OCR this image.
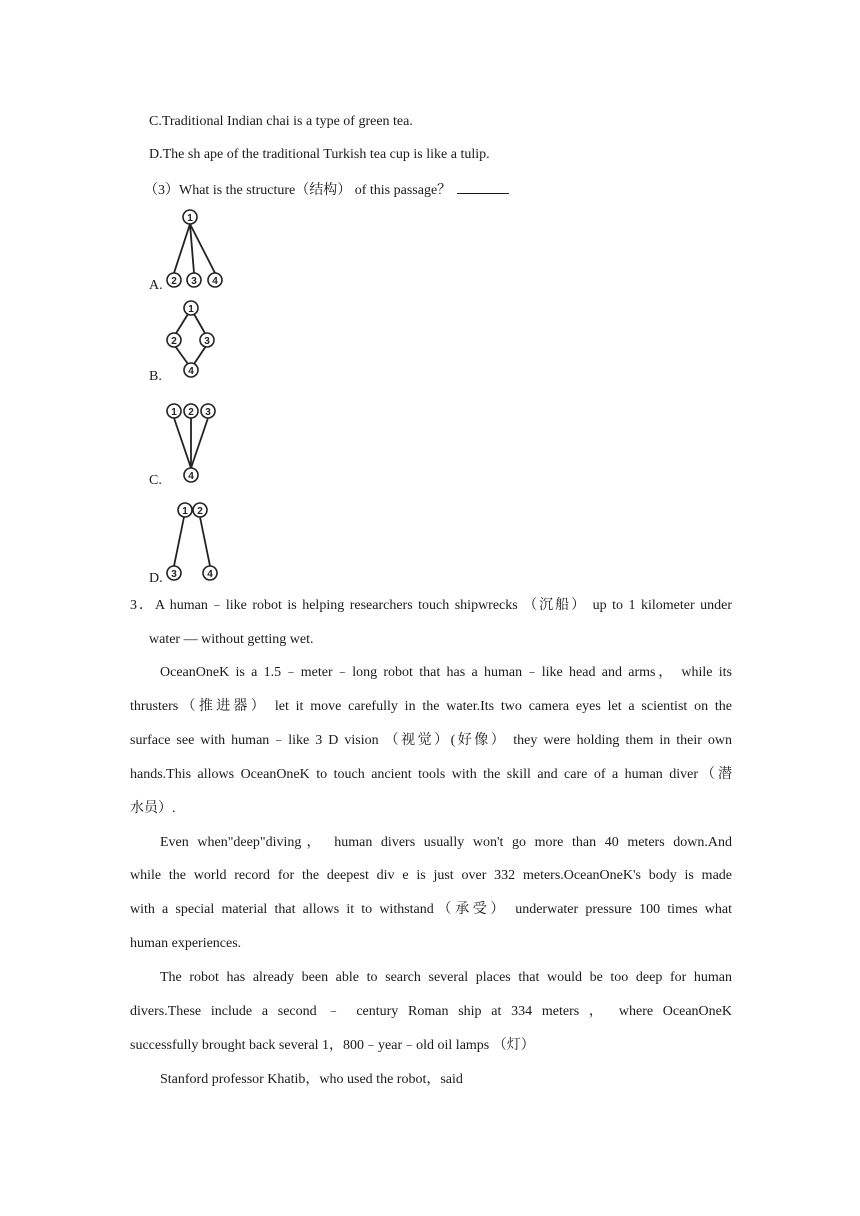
C.Traditional Indian chai is a type of green tea.
D.The sh ape of the traditional Turkish tea cup is like a tulip.
（3）What is the structure（结构） of this passage？
A.
1
2 3 4
B.
1
2	3
4
C.
1 2 3
4
D.
1 2
3	4
3．A human﹣like robot is helping researchers touch shipwrecks （沉船） up to 1 kilometer under
water — without getting wet.
OceanOneK is a 1.5﹣meter﹣long robot that has a human﹣like head and arms， while its
thrusters（推进器） let it move carefully in the water.Its two camera eyes let a scientist on the
surface see with human﹣like 3 D vision （视觉）(好像） they were holding them in their own
hands.This allows OceanOneK to touch ancient tools with the skill and care of a human diver（潜
水员）.
Even when"deep"diving， human divers usually won't go more than 40 meters down.And
while the world record for the deepest div e is just over 332 meters.OceanOneK's body is made
with a special material that allows it to withstand（承受） underwater pressure 100 times what
human experiences.
The robot has already been able to search several places that would be too deep for human
divers.These include a second ﹣ century Roman ship at 334 meters ， where OceanOneK
successfully brought back several 1，800﹣year﹣old oil lamps （灯）
Stanford professor Khatib，who used the robot，said
